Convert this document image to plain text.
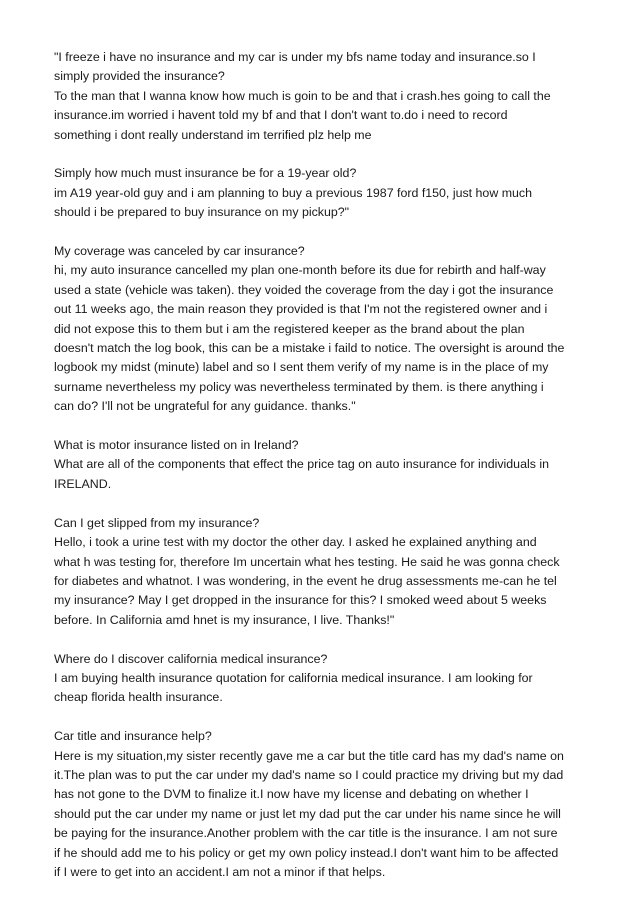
"I freeze i have no insurance and my car is under my bfs name today and insurance.so I

simply provided the insurance?

To the man that I wanna know how much is goin to be and that i crash.hes going to call the

insurance.im worried i havent told my bf and that I don't want to.do i need to record

something i dont really understand im terrified plz help me

Simply how much must insurance be for a 19-year old?

im A19 year-old guy and i am planning to buy a previous 1987 ford f150, just how much

should i be prepared to buy insurance on my pickup?"

My coverage was canceled by car insurance?

hi, my auto insurance cancelled my plan one-month before its due for rebirth and half-way

used a state (vehicle was taken). they voided the coverage from the day i got the insurance

out 11 weeks ago, the main reason they provided is that I'm not the registered owner and i

did not expose this to them but i am the registered keeper as the brand about the plan

doesn't match the log book, this can be a mistake i faild to notice. The oversight is around the

logbook my midst (minute) label and so I sent them verify of my name is in the place of my

surname nevertheless my policy was nevertheless terminated by them. is there anything i

can do? I'll not be ungrateful for any guidance. thanks."

What is motor insurance listed on in Ireland?

What are all of the components that effect the price tag on auto insurance for individuals in

IRELAND.

Can I get slipped from my insurance?

Hello, i took a urine test with my doctor the other day. I asked he explained anything and

what h was testing for, therefore Im uncertain what hes testing. He said he was gonna check

for diabetes and whatnot. I was wondering, in the event he drug assessments me-can he tel

my insurance? May I get dropped in the insurance for this? I smoked weed about 5 weeks

before. In California amd hnet is my insurance, I live. Thanks!"

Where do I discover california medical insurance?

I am buying health insurance quotation for california medical insurance. I am looking for

cheap florida health insurance.

Car title and insurance help?

Here is my situation,my sister recently gave me a car but the title card has my dad's name on

it.The plan was to put the car under my dad's name so I could practice my driving but my dad

has not gone to the DVM to finalize it.I now have my license and debating on whether I

should put the car under my name or just let my dad put the car under his name since he will

be paying for the insurance.Another problem with the car title is the insurance. I am not sure

if he should add me to his policy or get my own policy instead.I don't want him to be affected

if I were to get into an accident.I am not a minor if that helps.
